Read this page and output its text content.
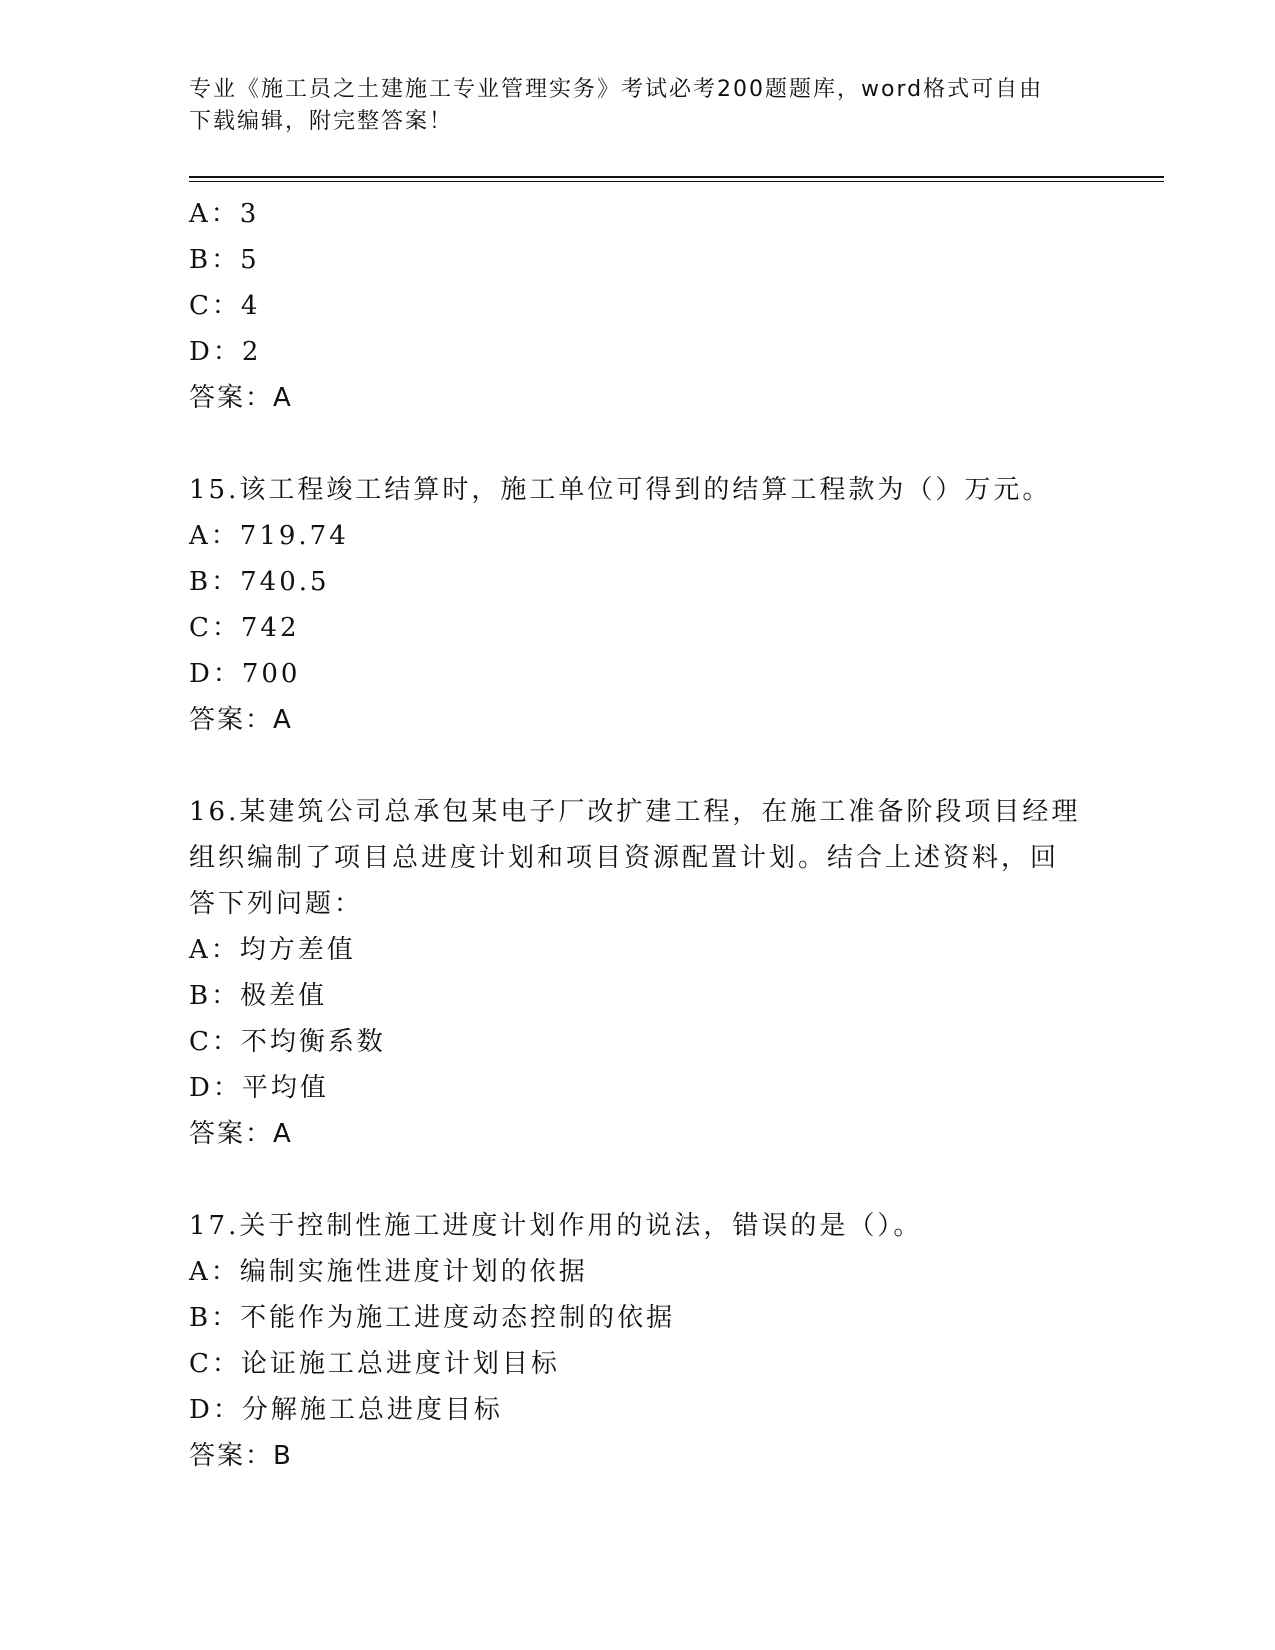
专业《施工员之土建施工专业管理实务》考试必考200题题库，word格式可自由
下载编辑，附完整答案！
A：3
B：5
C：4
D：2
答案：A
15.该工程竣工结算时，施工单位可得到的结算工程款为（）万元。
A：719.74
B：740.5
C：742
D：700
答案：A
16.某建筑公司总承包某电子厂改扩建工程，在施工准备阶段项目经理
组织编制了项目总进度计划和项目资源配置计划。结合上述资料，回
答下列问题：
A：均方差值
B：极差值
C：不均衡系数
D：平均值
答案：A
17.关于控制性施工进度计划作用的说法，错误的是（）。
A：编制实施性进度计划的依据
B：不能作为施工进度动态控制的依据
C：论证施工总进度计划目标
D：分解施工总进度目标
答案：B
